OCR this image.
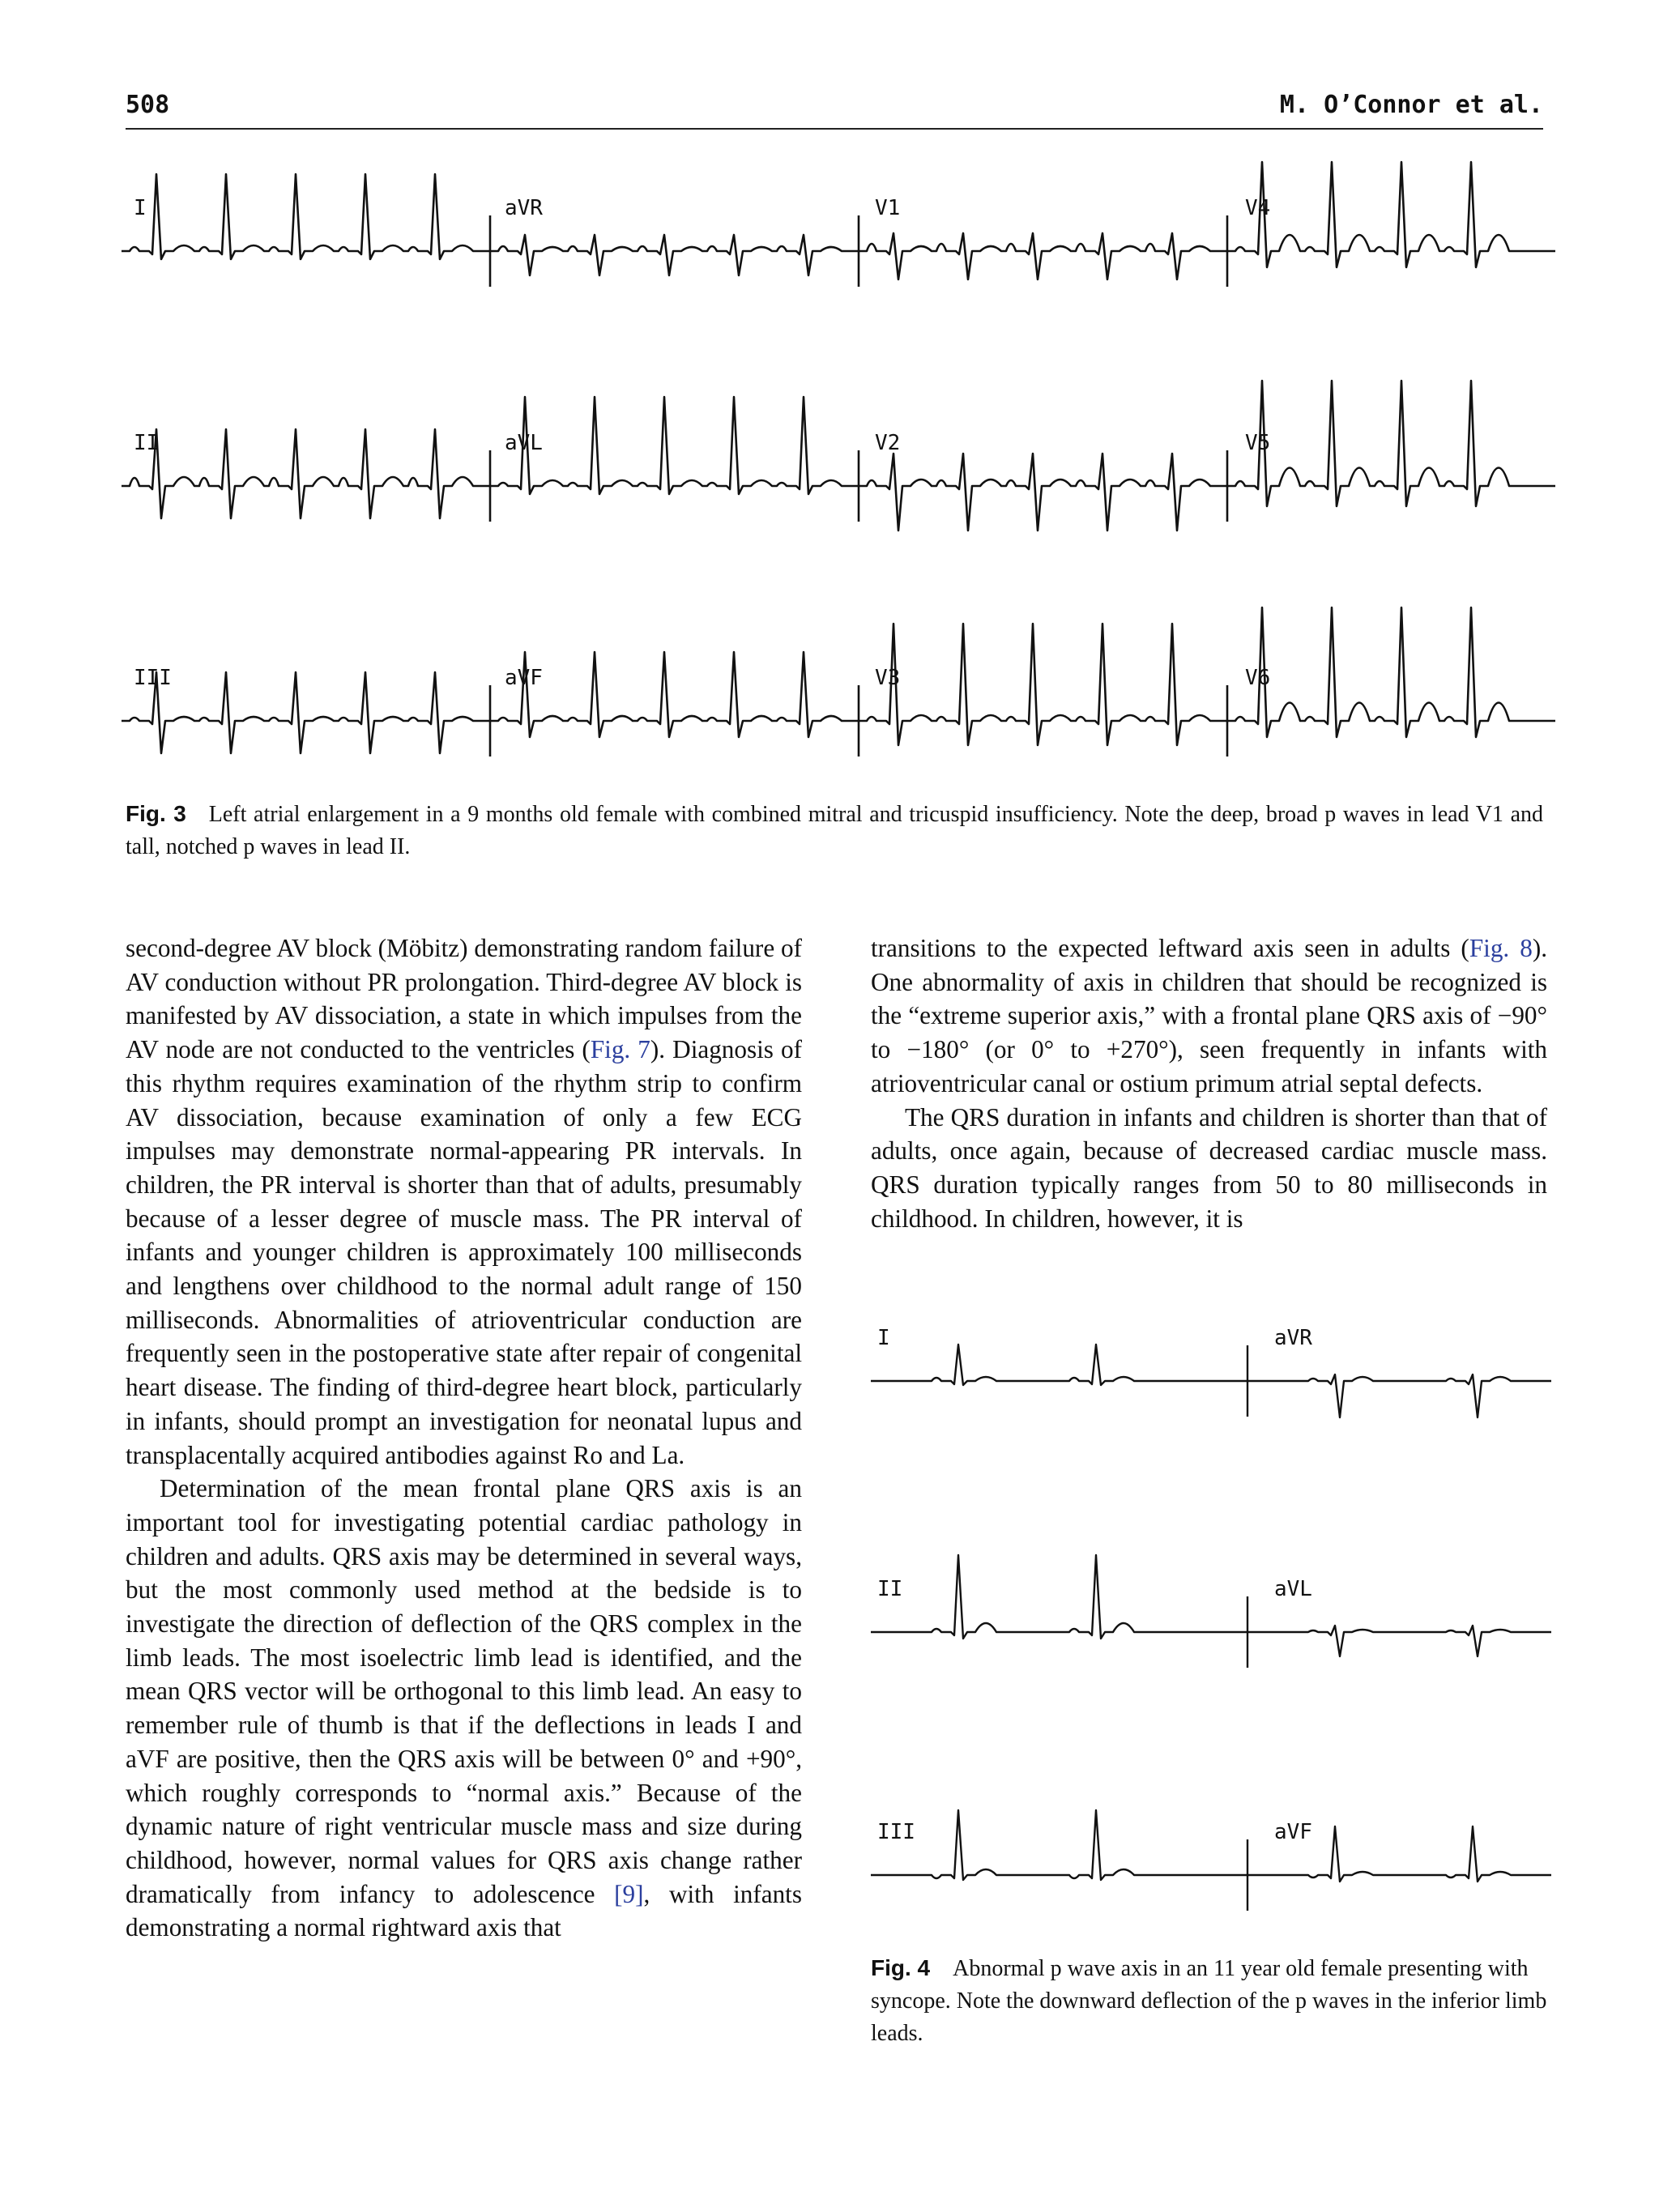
508	M. O’Connor et al.
I	aVR	V1	V4
II	aVL	V2	V5
III	aVF	V3	V6
Fig. 3 Left atrial enlargement in a 9 months old female with combined mitral and tricuspid insufficiency. Note the deep, broad p waves in lead V1 and tall, notched p waves in lead II.

second-degree AV block (Möbitz) demonstrating random failure of AV conduction without PR prolongation. Third-degree AV block is manifested by AV dissociation, a state in which impulses from the AV node are not conducted to the ventricles (Fig. 7). Diagnosis of this rhythm requires examination of the rhythm strip to confirm AV dissociation, because examination of only a few ECG impulses may demonstrate normal-appearing PR intervals. In children, the PR interval is shorter than that of adults, presumably because of a lesser degree of muscle mass. The PR interval of infants and younger children is approximately 100 milliseconds and lengthens over childhood to the normal adult range of 150 milliseconds. Abnormalities of atrioventricular conduction are frequently seen in the postoperative state after repair of congenital heart disease. The finding of third-degree heart block, particularly in infants, should prompt an investigation for neonatal lupus and transplacentally acquired antibodies against Ro and La.

Determination of the mean frontal plane QRS axis is an important tool for investigating potential cardiac pathology in children and adults. QRS axis may be determined in several ways, but the most commonly used method at the bedside is to investigate the direction of deflection of the QRS complex in the limb leads. The most isoelectric limb lead is identified, and the mean QRS vector will be orthogonal to this limb lead. An easy to remember rule of thumb is that if the deflections in leads I and aVF are positive, then the QRS axis will be between 0° and +90°, which roughly corresponds to “normal axis.” Because of the dynamic nature of right ventricular muscle mass and size during childhood, however, normal values for QRS axis change rather dramatically from infancy to adolescence [9], with infants demonstrating a normal rightward axis that

transitions to the expected leftward axis seen in adults (Fig. 8). One abnormality of axis in children that should be recognized is the “extreme superior axis,” with a frontal plane QRS axis of −90° to −180° (or 0° to +270°), seen frequently in infants with atrioventricular canal or ostium primum atrial septal defects.

The QRS duration in infants and children is shorter than that of adults, once again, because of decreased cardiac muscle mass. QRS duration typically ranges from 50 to 80 milliseconds in childhood. In children, however, it is

I	aVR
II	aVL
III	aVF
Fig. 4 Abnormal p wave axis in an 11 year old female presenting with syncope. Note the downward deflection of the p waves in the inferior limb leads.
